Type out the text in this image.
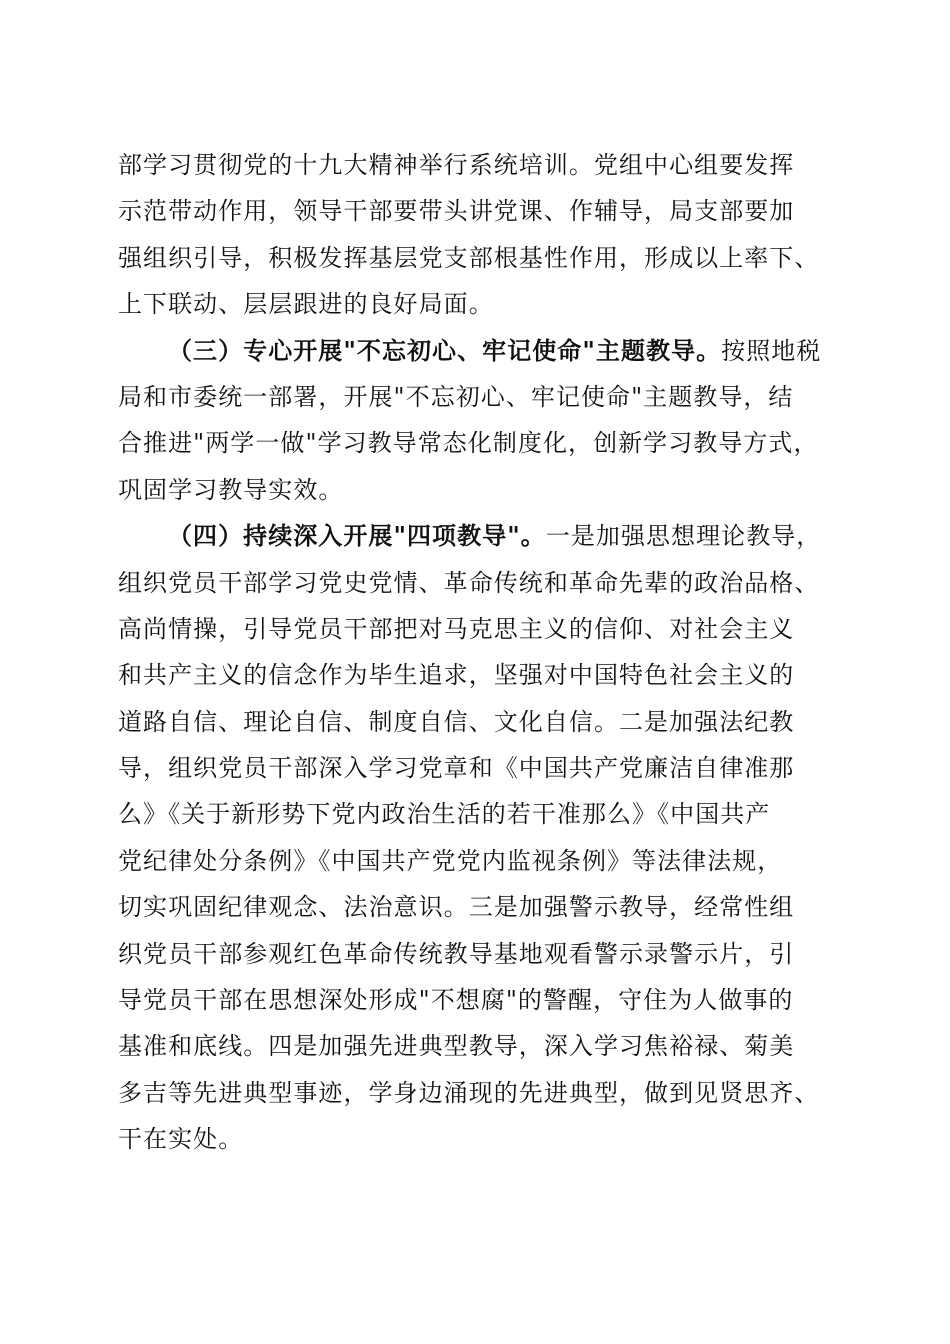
部学习贯彻党的十九大精神举行系统培训。党组中心组要发挥
示范带动作用，领导干部要带头讲党课、作辅导，局支部要加
强组织引导，积极发挥基层党支部根基性作用，形成以上率下、
上下联动、层层跟进的良好局面。
（三）专心开展"不忘初心、牢记使命"主题教导。按照地税
局和市委统一部署，开展"不忘初心、牢记使命"主题教导，结
合推进"两学一做"学习教导常态化制度化，创新学习教导方式，
巩固学习教导实效。
（四）持续深入开展"四项教导"。一是加强思想理论教导，
组织党员干部学习党史党情、革命传统和革命先辈的政治品格、
高尚情操，引导党员干部把对马克思主义的信仰、对社会主义
和共产主义的信念作为毕生追求，坚强对中国特色社会主义的
道路自信、理论自信、制度自信、文化自信。二是加强法纪教
导，组织党员干部深入学习党章和《中国共产党廉洁自律准那
么》《关于新形势下党内政治生活的若干准那么》《中国共产
党纪律处分条例》《中国共产党党内监视条例》等法律法规，
切实巩固纪律观念、法治意识。三是加强警示教导，经常性组
织党员干部参观红色革命传统教导基地观看警示录警示片，引
导党员干部在思想深处形成"不想腐"的警醒，守住为人做事的
基准和底线。四是加强先进典型教导，深入学习焦裕禄、菊美
多吉等先进典型事迹，学身边涌现的先进典型，做到见贤思齐、
干在实处。
